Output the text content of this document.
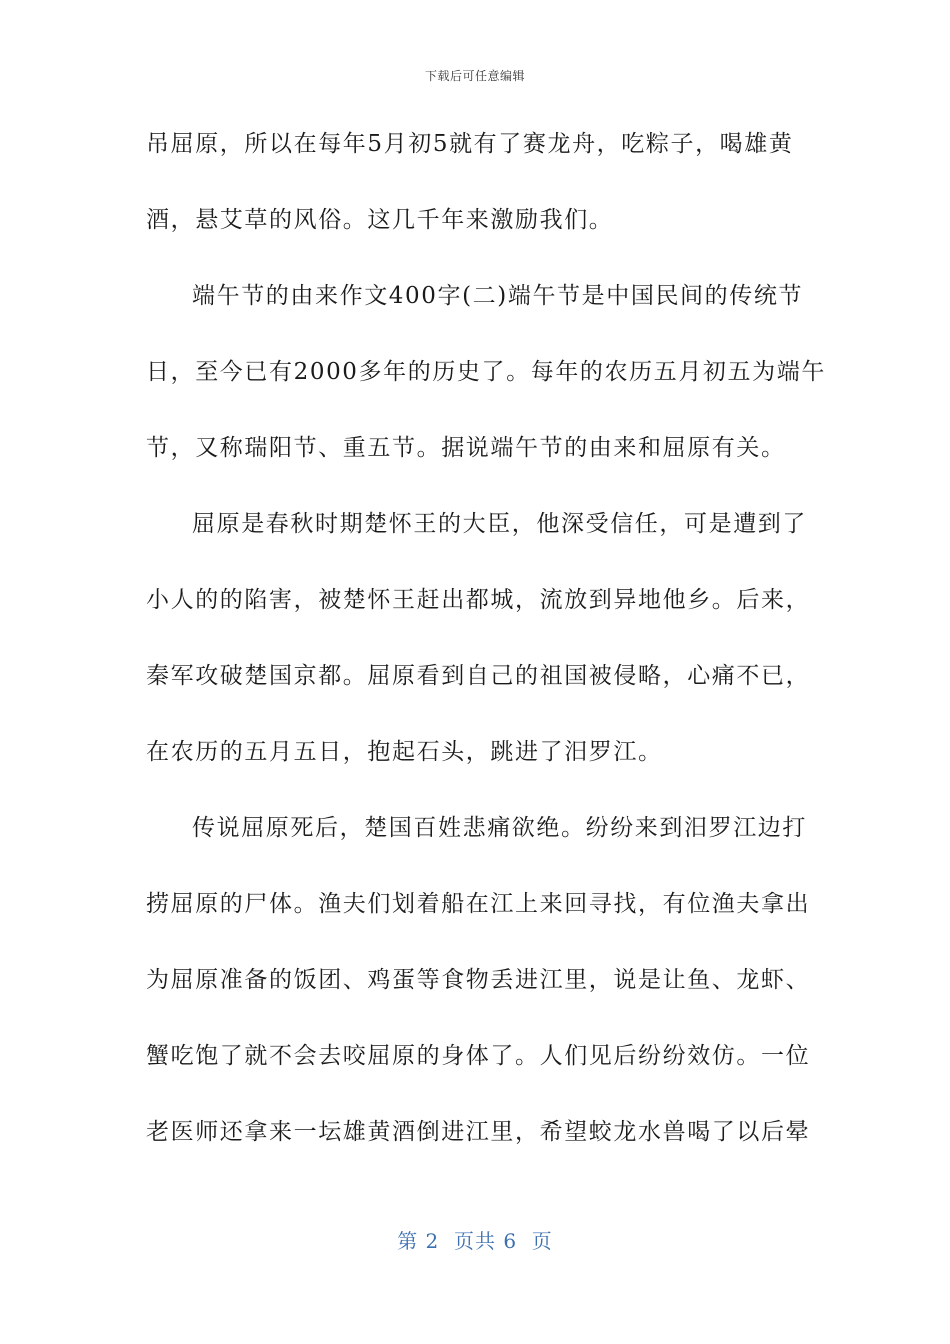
下载后可任意编辑
吊屈原，所以在每年5月初5就有了赛龙舟，吃粽子，喝雄黄
酒，悬艾草的风俗。这几千年来激励我们。
端午节的由来作文400字(二)端午节是中国民间的传统节
日，至今已有2000多年的历史了。每年的农历五月初五为端午
节，又称瑞阳节、重五节。据说端午节的由来和屈原有关。
屈原是春秋时期楚怀王的大臣，他深受信任，可是遭到了
小人的的陷害，被楚怀王赶出都城，流放到异地他乡。后来，
秦军攻破楚国京都。屈原看到自己的祖国被侵略，心痛不已，
在农历的五月五日，抱起石头，跳进了汨罗江。
传说屈原死后，楚国百姓悲痛欲绝。纷纷来到汨罗江边打
捞屈原的尸体。渔夫们划着船在江上来回寻找，有位渔夫拿出
为屈原准备的饭团、鸡蛋等食物丢进江里，说是让鱼、龙虾、
蟹吃饱了就不会去咬屈原的身体了。人们见后纷纷效仿。一位
老医师还拿来一坛雄黄酒倒进江里，希望蛟龙水兽喝了以后晕
第 2  页共 6  页
